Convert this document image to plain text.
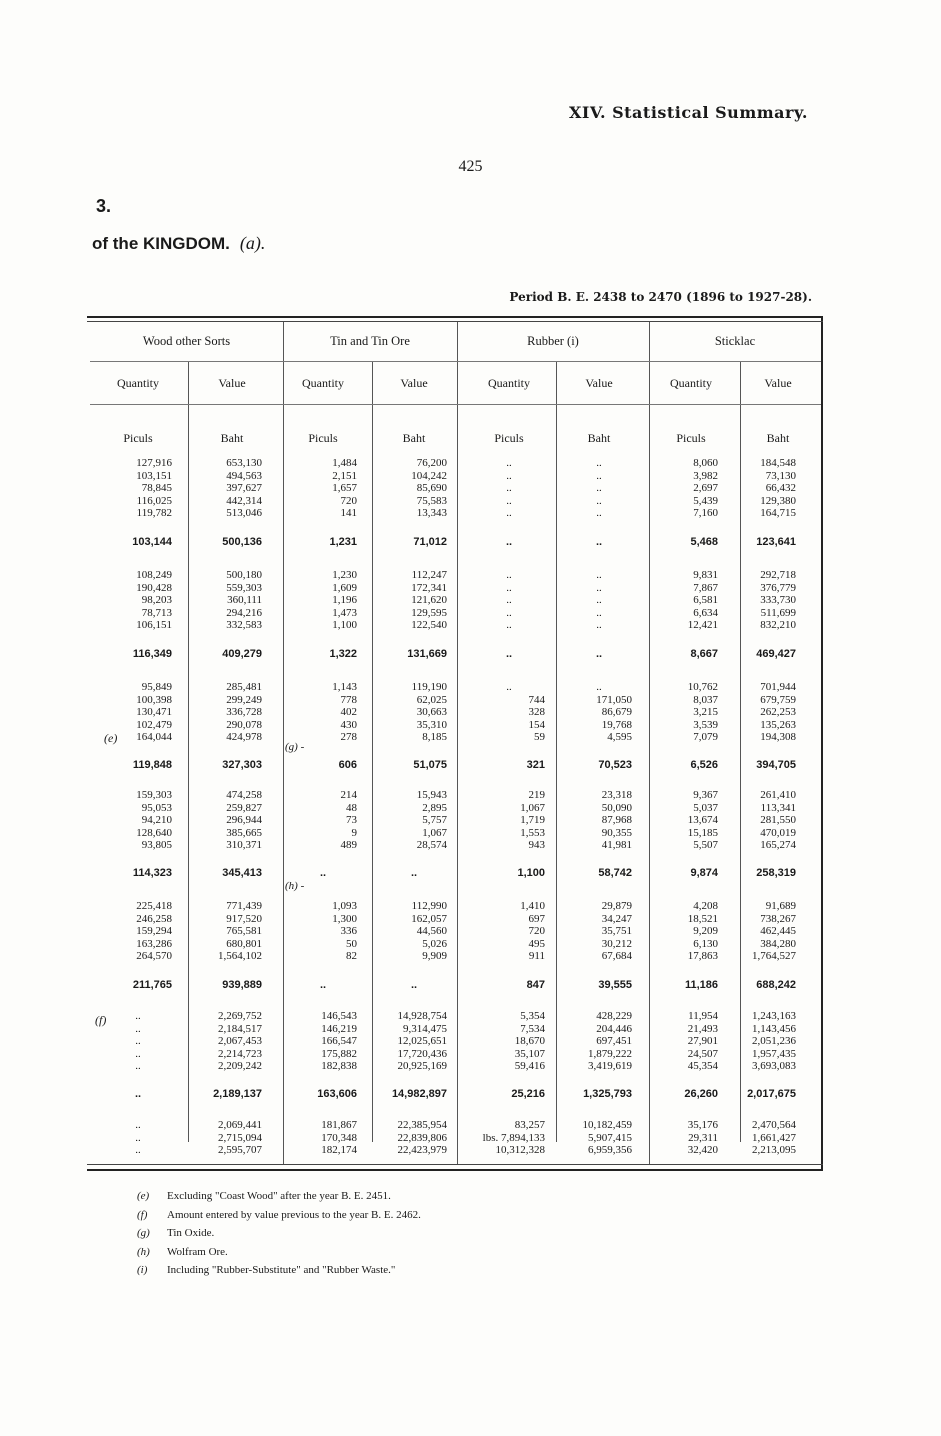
XIV. Statistical Summary.
425
3.
of the KINGDOM. (a).
Period B. E. 2438 to 2470 (1896 to 1927-28).
Wood other Sorts	Tin and Tin Ore	Rubber (i)	Sticklac
Quantity	Value	Quantity	Value	Quantity	Value	Quantity	Value
Piculs	Baht	Piculs	Baht	Piculs	Baht	Piculs	Baht
127,916	653,130	1,484	76,200	..	..	8,060	184,548
103,151	494,563	2,151	104,242	..	..	3,982	73,130
78,845	397,627	1,657	85,690	..	..	2,697	66,432
116,025	442,314	720	75,583	..	..	5,439	129,380
119,782	513,046	141	13,343	..	..	7,160	164,715
103,144	500,136	1,231	71,012	..	..	5,468	123,641
108,249	500,180	1,230	112,247	..	..	9,831	292,718
190,428	559,303	1,609	172,341	..	..	7,867	376,779
98,203	360,111	1,196	121,620	..	..	6,581	333,730
78,713	294,216	1,473	129,595	..	..	6,634	511,699
106,151	332,583	1,100	122,540	..	..	12,421	832,210
116,349	409,279	1,322	131,669	..	..	8,667	469,427
95,849	285,481	1,143	119,190	..	..	10,762	701,944
100,398	299,249	778	62,025	744	171,050	8,037	679,759
130,471	336,728	402	30,663	328	86,679	3,215	262,253
102,479	290,078	430	35,310	154	19,768	3,539	135,263
164,044	424,978	278	8,185	59	4,595	7,079	194,308
119,848	327,303	606	51,075	321	70,523	6,526	394,705
159,303	474,258	214	15,943	219	23,318	9,367	261,410
95,053	259,827	48	2,895	1,067	50,090	5,037	113,341
94,210	296,944	73	5,757	1,719	87,968	13,674	281,550
128,640	385,665	9	1,067	1,553	90,355	15,185	470,019
93,805	310,371	489	28,574	943	41,981	5,507	165,274
114,323	345,413	..	..	1,100	58,742	9,874	258,319
225,418	771,439	1,093	112,990	1,410	29,879	4,208	91,689
246,258	917,520	1,300	162,057	697	34,247	18,521	738,267
159,294	765,581	336	44,560	720	35,751	9,209	462,445
163,286	680,801	50	5,026	495	30,212	6,130	384,280
264,570	1,564,102	82	9,909	911	67,684	17,863	1,764,527
211,765	939,889	..	..	847	39,555	11,186	688,242
..	2,269,752	146,543	14,928,754	5,354	428,229	11,954	1,243,163
..	2,184,517	146,219	9,314,475	7,534	204,446	21,493	1,143,456
..	2,067,453	166,547	12,025,651	18,670	697,451	27,901	2,051,236
..	2,214,723	175,882	17,720,436	35,107	1,879,222	24,507	1,957,435
..	2,209,242	182,838	20,925,169	59,416	3,419,619	45,354	3,693,083
..	2,189,137	163,606	14,982,897	25,216	1,325,793	26,260	2,017,675
..	2,069,441	181,867	22,385,954	83,257	10,182,459	35,176	2,470,564
..	2,715,094	170,348	22,839,806	lbs. 7,894,133	5,907,415	29,311	1,661,427
..	2,595,707	182,174	22,423,979	10,312,328	6,959,356	32,420	2,213,095
(e)
(f)
(g) -
(h) -
(e) Excluding "Coast Wood" after the year B. E. 2451.
(f) Amount entered by value previous to the year B. E. 2462.
(g) Tin Oxide.
(h) Wolfram Ore.
(i) Including "Rubber-Substitute" and "Rubber Waste."
